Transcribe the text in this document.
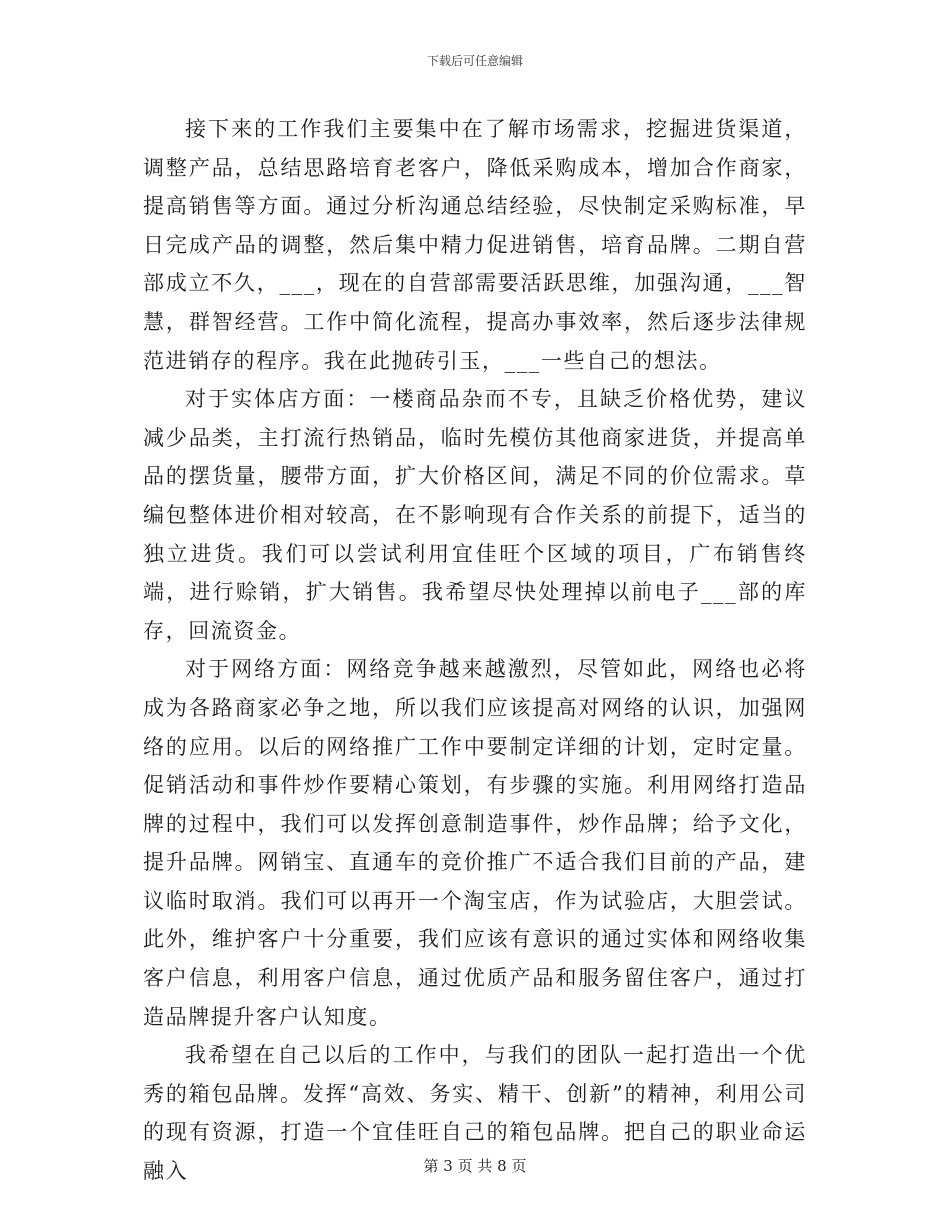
下载后可任意编辑

接下来的工作我们主要集中在了解市场需求，挖掘进货渠道，调整产品，总结思路培育老客户，降低采购成本，增加合作商家，提高销售等方面。通过分析沟通总结经验，尽快制定采购标准，早日完成产品的调整，然后集中精力促进销售，培育品牌。二期自营部成立不久，___，现在的自营部需要活跃思维，加强沟通，___智慧，群智经营。工作中简化流程，提高办事效率，然后逐步法律规范进销存的程序。我在此抛砖引玉，___一些自己的想法。

对于实体店方面：一楼商品杂而不专，且缺乏价格优势，建议减少品类，主打流行热销品，临时先模仿其他商家进货，并提高单品的摆货量，腰带方面，扩大价格区间，满足不同的价位需求。草编包整体进价相对较高，在不影响现有合作关系的前提下，适当的独立进货。我们可以尝试利用宜佳旺个区域的项目，广布销售终端，进行赊销，扩大销售。我希望尽快处理掉以前电子___部的库存，回流资金。

对于网络方面：网络竞争越来越激烈，尽管如此，网络也必将成为各路商家必争之地，所以我们应该提高对网络的认识，加强网络的应用。以后的网络推广工作中要制定详细的计划，定时定量。促销活动和事件炒作要精心策划，有步骤的实施。利用网络打造品牌的过程中，我们可以发挥创意制造事件，炒作品牌；给予文化，提升品牌。网销宝、直通车的竞价推广不适合我们目前的产品，建议临时取消。我们可以再开一个淘宝店，作为试验店，大胆尝试。此外，维护客户十分重要，我们应该有意识的通过实体和网络收集客户信息，利用客户信息，通过优质产品和服务留住客户，通过打造品牌提升客户认知度。

我希望在自己以后的工作中，与我们的团队一起打造出一个优秀的箱包品牌。发挥“高效、务实、精干、创新”的精神，利用公司的现有资源，打造一个宜佳旺自己的箱包品牌。把自己的职业命运融入	第 3 页 共 8 页
